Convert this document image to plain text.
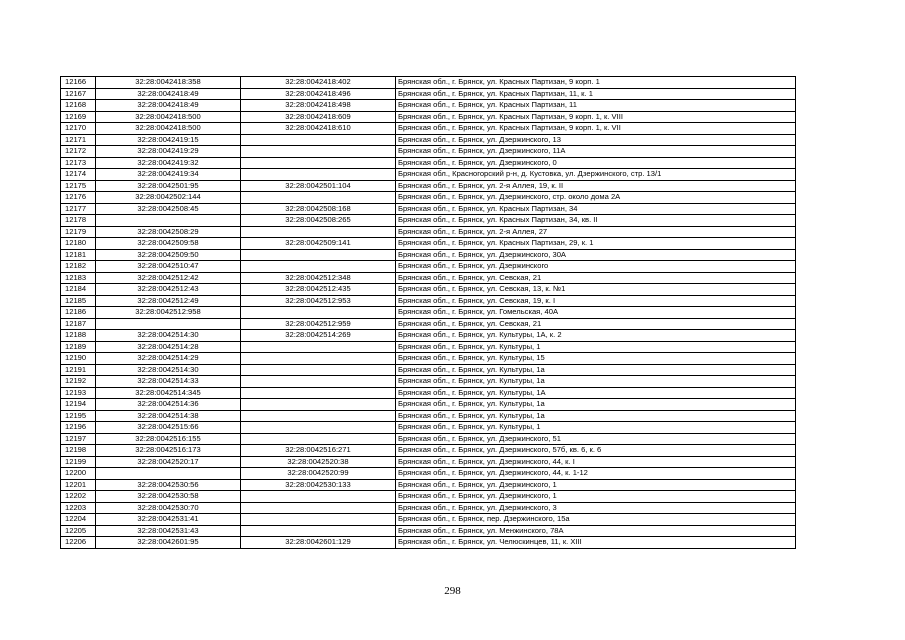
12166	32:28:0042418:358	32:28:0042418:402	Брянская обл., г. Брянск, ул. Красных Партизан, 9 корп. 1
12167	32:28:0042418:49	32:28:0042418:496	Брянская обл., г. Брянск, ул. Красных Партизан, 11, к. 1
12168	32:28:0042418:49	32:28:0042418:498	Брянская обл., г. Брянск, ул. Красных Партизан, 11
12169	32:28:0042418:500	32:28:0042418:609	Брянская обл., г. Брянск, ул. Красных Партизан, 9 корп. 1, к. VIII
12170	32:28:0042418:500	32:28:0042418:610	Брянская обл., г. Брянск, ул. Красных Партизан, 9 корп. 1, к. VII
12171	32:28:0042419:15		Брянская обл., г. Брянск, ул. Дзержинского, 13
12172	32:28:0042419:29		Брянская обл., г. Брянск, ул. Дзержинского, 11А
12173	32:28:0042419:32		Брянская обл., г. Брянск, ул. Дзержинского, 0
12174	32:28:0042419:34		Брянская обл., Красногорский р-н, д. Кустовка, ул. Дзержинского, стр. 13/1
12175	32:28:0042501:95	32:28:0042501:104	Брянская обл., г. Брянск, ул. 2-я Аллея, 19, к. II
12176	32:28:0042502:144		Брянская обл., г. Брянск, ул. Дзержинского, стр. около дома 2А
12177	32:28:0042508:45	32:28:0042508:168	Брянская обл., г. Брянск, ул. Красных Партизан, 34
12178		32:28:0042508:265	Брянская обл., г. Брянск, ул. Красных Партизан, 34, кв. II
12179	32:28:0042508:29		Брянская обл., г. Брянск, ул. 2-я Аллея, 27
12180	32:28:0042509:58	32:28:0042509:141	Брянская обл., г. Брянск, ул. Красных Партизан, 29, к. 1
12181	32:28:0042509:50		Брянская обл., г. Брянск, ул. Дзержинского, 30А
12182	32:28:0042510:47		Брянская обл., г. Брянск, ул. Дзержинского
12183	32:28:0042512:42	32:28:0042512:348	Брянская обл., г. Брянск, ул. Севская, 21
12184	32:28:0042512:43	32:28:0042512:435	Брянская обл., г. Брянск, ул. Севская, 13, к. №1
12185	32:28:0042512:49	32:28:0042512:953	Брянская обл., г. Брянск, ул. Севская, 19, к. I
12186	32:28:0042512:958		Брянская обл., г. Брянск, ул. Гомельская, 40А
12187		32:28:0042512:959	Брянская обл., г. Брянск, ул. Севская, 21
12188	32:28:0042514:30	32:28:0042514:269	Брянская обл., г. Брянск, ул. Культуры, 1А, к. 2
12189	32:28:0042514:28		Брянская обл., г. Брянск, ул. Культуры, 1
12190	32:28:0042514:29		Брянская обл., г. Брянск, ул. Культуры, 15
12191	32:28:0042514:30		Брянская обл., г. Брянск, ул. Культуры, 1а
12192	32:28:0042514:33		Брянская обл., г. Брянск, ул. Культуры, 1а
12193	32:28:0042514:345		Брянская обл., г. Брянск, ул. Культуры, 1А
12194	32:28:0042514:36		Брянская обл., г. Брянск, ул. Культуры, 1а
12195	32:28:0042514:38		Брянская обл., г. Брянск, ул. Культуры, 1а
12196	32:28:0042515:66		Брянская обл., г. Брянск, ул. Культуры, 1
12197	32:28:0042516:155		Брянская обл., г. Брянск, ул. Дзержинского, 51
12198	32:28:0042516:173	32:28:0042516:271	Брянская обл., г. Брянск, ул. Дзержинского, 57б, кв. 6, к. 6
12199	32:28:0042520:17	32:28:0042520:38	Брянская обл., г. Брянск, ул. Дзержинского, 44, к. I
12200		32:28:0042520:99	Брянская обл., г. Брянск, ул. Дзержинского, 44, к. 1-12
12201	32:28:0042530:56	32:28:0042530:133	Брянская обл., г. Брянск, ул. Дзержинского, 1
12202	32:28:0042530:58		Брянская обл., г. Брянск, ул. Дзержинского, 1
12203	32:28:0042530:70		Брянская обл., г. Брянск, ул. Дзержинского, 3
12204	32:28:0042531:41		Брянская обл., г. Брянск, пер. Дзержинского, 15а
12205	32:28:0042531:43		Брянская обл., г. Брянск, ул. Менжинского, 78А
12206	32:28:0042601:95	32:28:0042601:129	Брянская обл., г. Брянск, ул. Челюскинцев, 11, к. XIII
298
